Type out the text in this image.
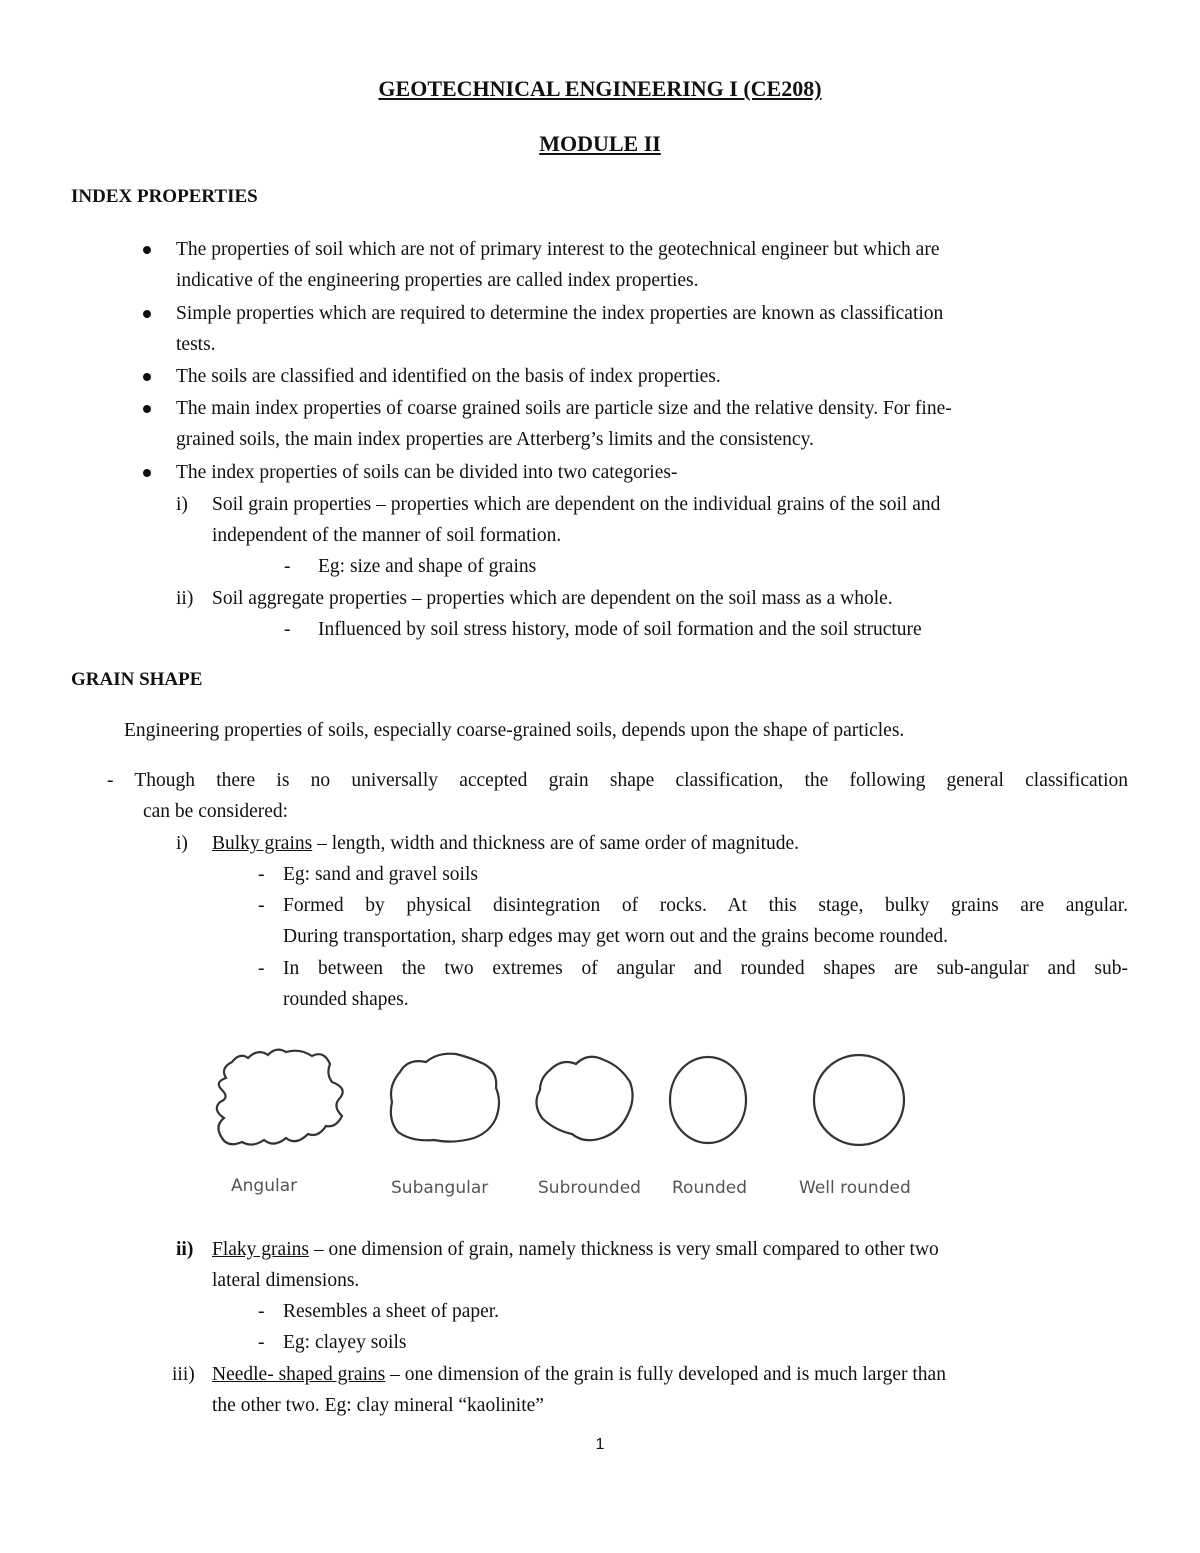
GEOTECHNICAL ENGINEERING I (CE208)
MODULE II
INDEX PROPERTIES
The properties of soil which are not of primary interest to the geotechnical engineer but which are
indicative of the engineering properties are called index properties.
Simple properties which are required to determine the index properties are known as classification
tests.
The soils are classified and identified on the basis of index properties.
The main index properties of coarse grained soils are particle size and the relative density. For fine-
grained soils, the main index properties are Atterberg’s limits and the consistency.
The index properties of soils can be divided into two categories-
i) Soil grain properties – properties which are dependent on the individual grains of the soil and
independent of the manner of soil formation.
- Eg: size and shape of grains
ii) Soil aggregate properties – properties which are dependent on the soil mass as a whole.
- Influenced by soil stress history, mode of soil formation and the soil structure
GRAIN SHAPE
Engineering properties of soils, especially coarse-grained soils, depends upon the shape of particles.
- Though there is no universally accepted grain shape classification, the following general classification
can be considered:
i) Bulky grains – length, width and thickness are of same order of magnitude.
- Eg: sand and gravel soils
- Formed by physical disintegration of rocks. At this stage, bulky grains are angular.
During transportation, sharp edges may get worn out and the grains become rounded.
- In between the two extremes of angular and rounded shapes are sub-angular and sub-
rounded shapes.
Angular	Subangular	Subrounded Rounded	Well rounded
ii) Flaky grains – one dimension of grain, namely thickness is very small compared to other two
lateral dimensions.
- Resembles a sheet of paper.
- Eg: clayey soils
iii) Needle- shaped grains – one dimension of the grain is fully developed and is much larger than
the other two. Eg: clay mineral “kaolinite”
1
